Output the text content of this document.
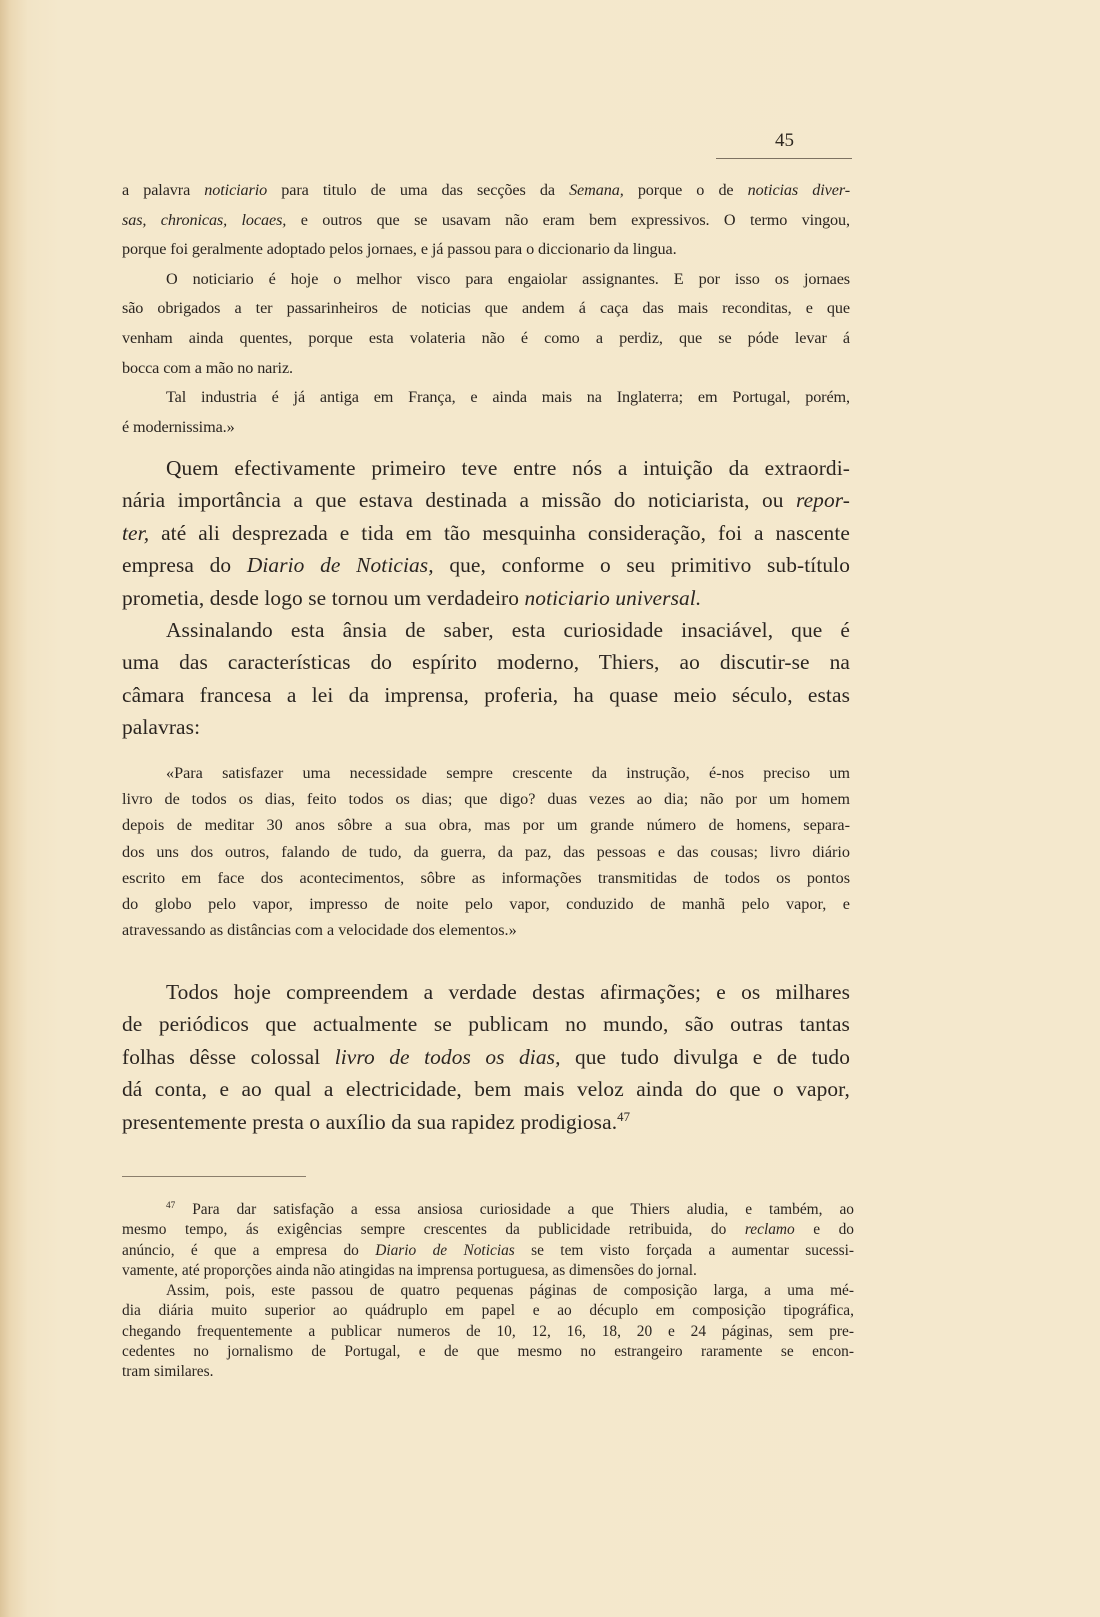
45
a palavra noticiario para titulo de uma das secções da Semana, porque o de noticias diver-
sas, chronicas, locaes, e outros que se usavam não eram bem expressivos. O termo vingou,
porque foi geralmente adoptado pelos jornaes, e já passou para o diccionario da lingua.
O noticiario é hoje o melhor visco para engaiolar assignantes. E por isso os jornaes
são obrigados a ter passarinheiros de noticias que andem á caça das mais reconditas, e que
venham ainda quentes, porque esta volateria não é como a perdiz, que se póde levar á
bocca com a mão no nariz.
Tal industria é já antiga em França, e ainda mais na Inglaterra; em Portugal, porém,
é modernissima.»
Quem efectivamente primeiro teve entre nós a intuição da extraordi-
nária importância a que estava destinada a missão do noticiarista, ou repor-
ter, até ali desprezada e tida em tão mesquinha consideração, foi a nascente
empresa do Diario de Noticias, que, conforme o seu primitivo sub-título
prometia, desde logo se tornou um verdadeiro noticiario universal.
Assinalando esta ânsia de saber, esta curiosidade insaciável, que é
uma das características do espírito moderno, Thiers, ao discutir-se na
câmara francesa a lei da imprensa, proferia, ha quase meio século, estas
palavras:
«Para satisfazer uma necessidade sempre crescente da instrução, é-nos preciso um
livro de todos os dias, feito todos os dias; que digo? duas vezes ao dia; não por um homem
depois de meditar 30 anos sôbre a sua obra, mas por um grande número de homens, separa-
dos uns dos outros, falando de tudo, da guerra, da paz, das pessoas e das cousas; livro diário
escrito em face dos acontecimentos, sôbre as informações transmitidas de todos os pontos
do globo pelo vapor, impresso de noite pelo vapor, conduzido de manhã pelo vapor, e
atravessando as distâncias com a velocidade dos elementos.»
Todos hoje compreendem a verdade destas afirmações; e os milhares
de periódicos que actualmente se publicam no mundo, são outras tantas
folhas dêsse colossal livro de todos os dias, que tudo divulga e de tudo
dá conta, e ao qual a electricidade, bem mais veloz ainda do que o vapor,
presentemente presta o auxílio da sua rapidez prodigiosa.$^{47}$
$^{47}$ Para dar satisfação a essa ansiosa curiosidade a que Thiers aludia, e também, ao
mesmo tempo, ás exigências sempre crescentes da publicidade retribuida, do reclamo e do
anúncio, é que a empresa do Diario de Noticias se tem visto forçada a aumentar sucessi-
vamente, até proporções ainda não atingidas na imprensa portuguesa, as dimensões do jornal.
Assim, pois, este passou de quatro pequenas páginas de composição larga, a uma mé-
dia diária muito superior ao quádruplo em papel e ao décuplo em composição tipográfica,
chegando frequentemente a publicar numeros de 10, 12, 16, 18, 20 e 24 páginas, sem pre-
cedentes no jornalismo de Portugal, e de que mesmo no estrangeiro raramente se encon-
tram similares.
